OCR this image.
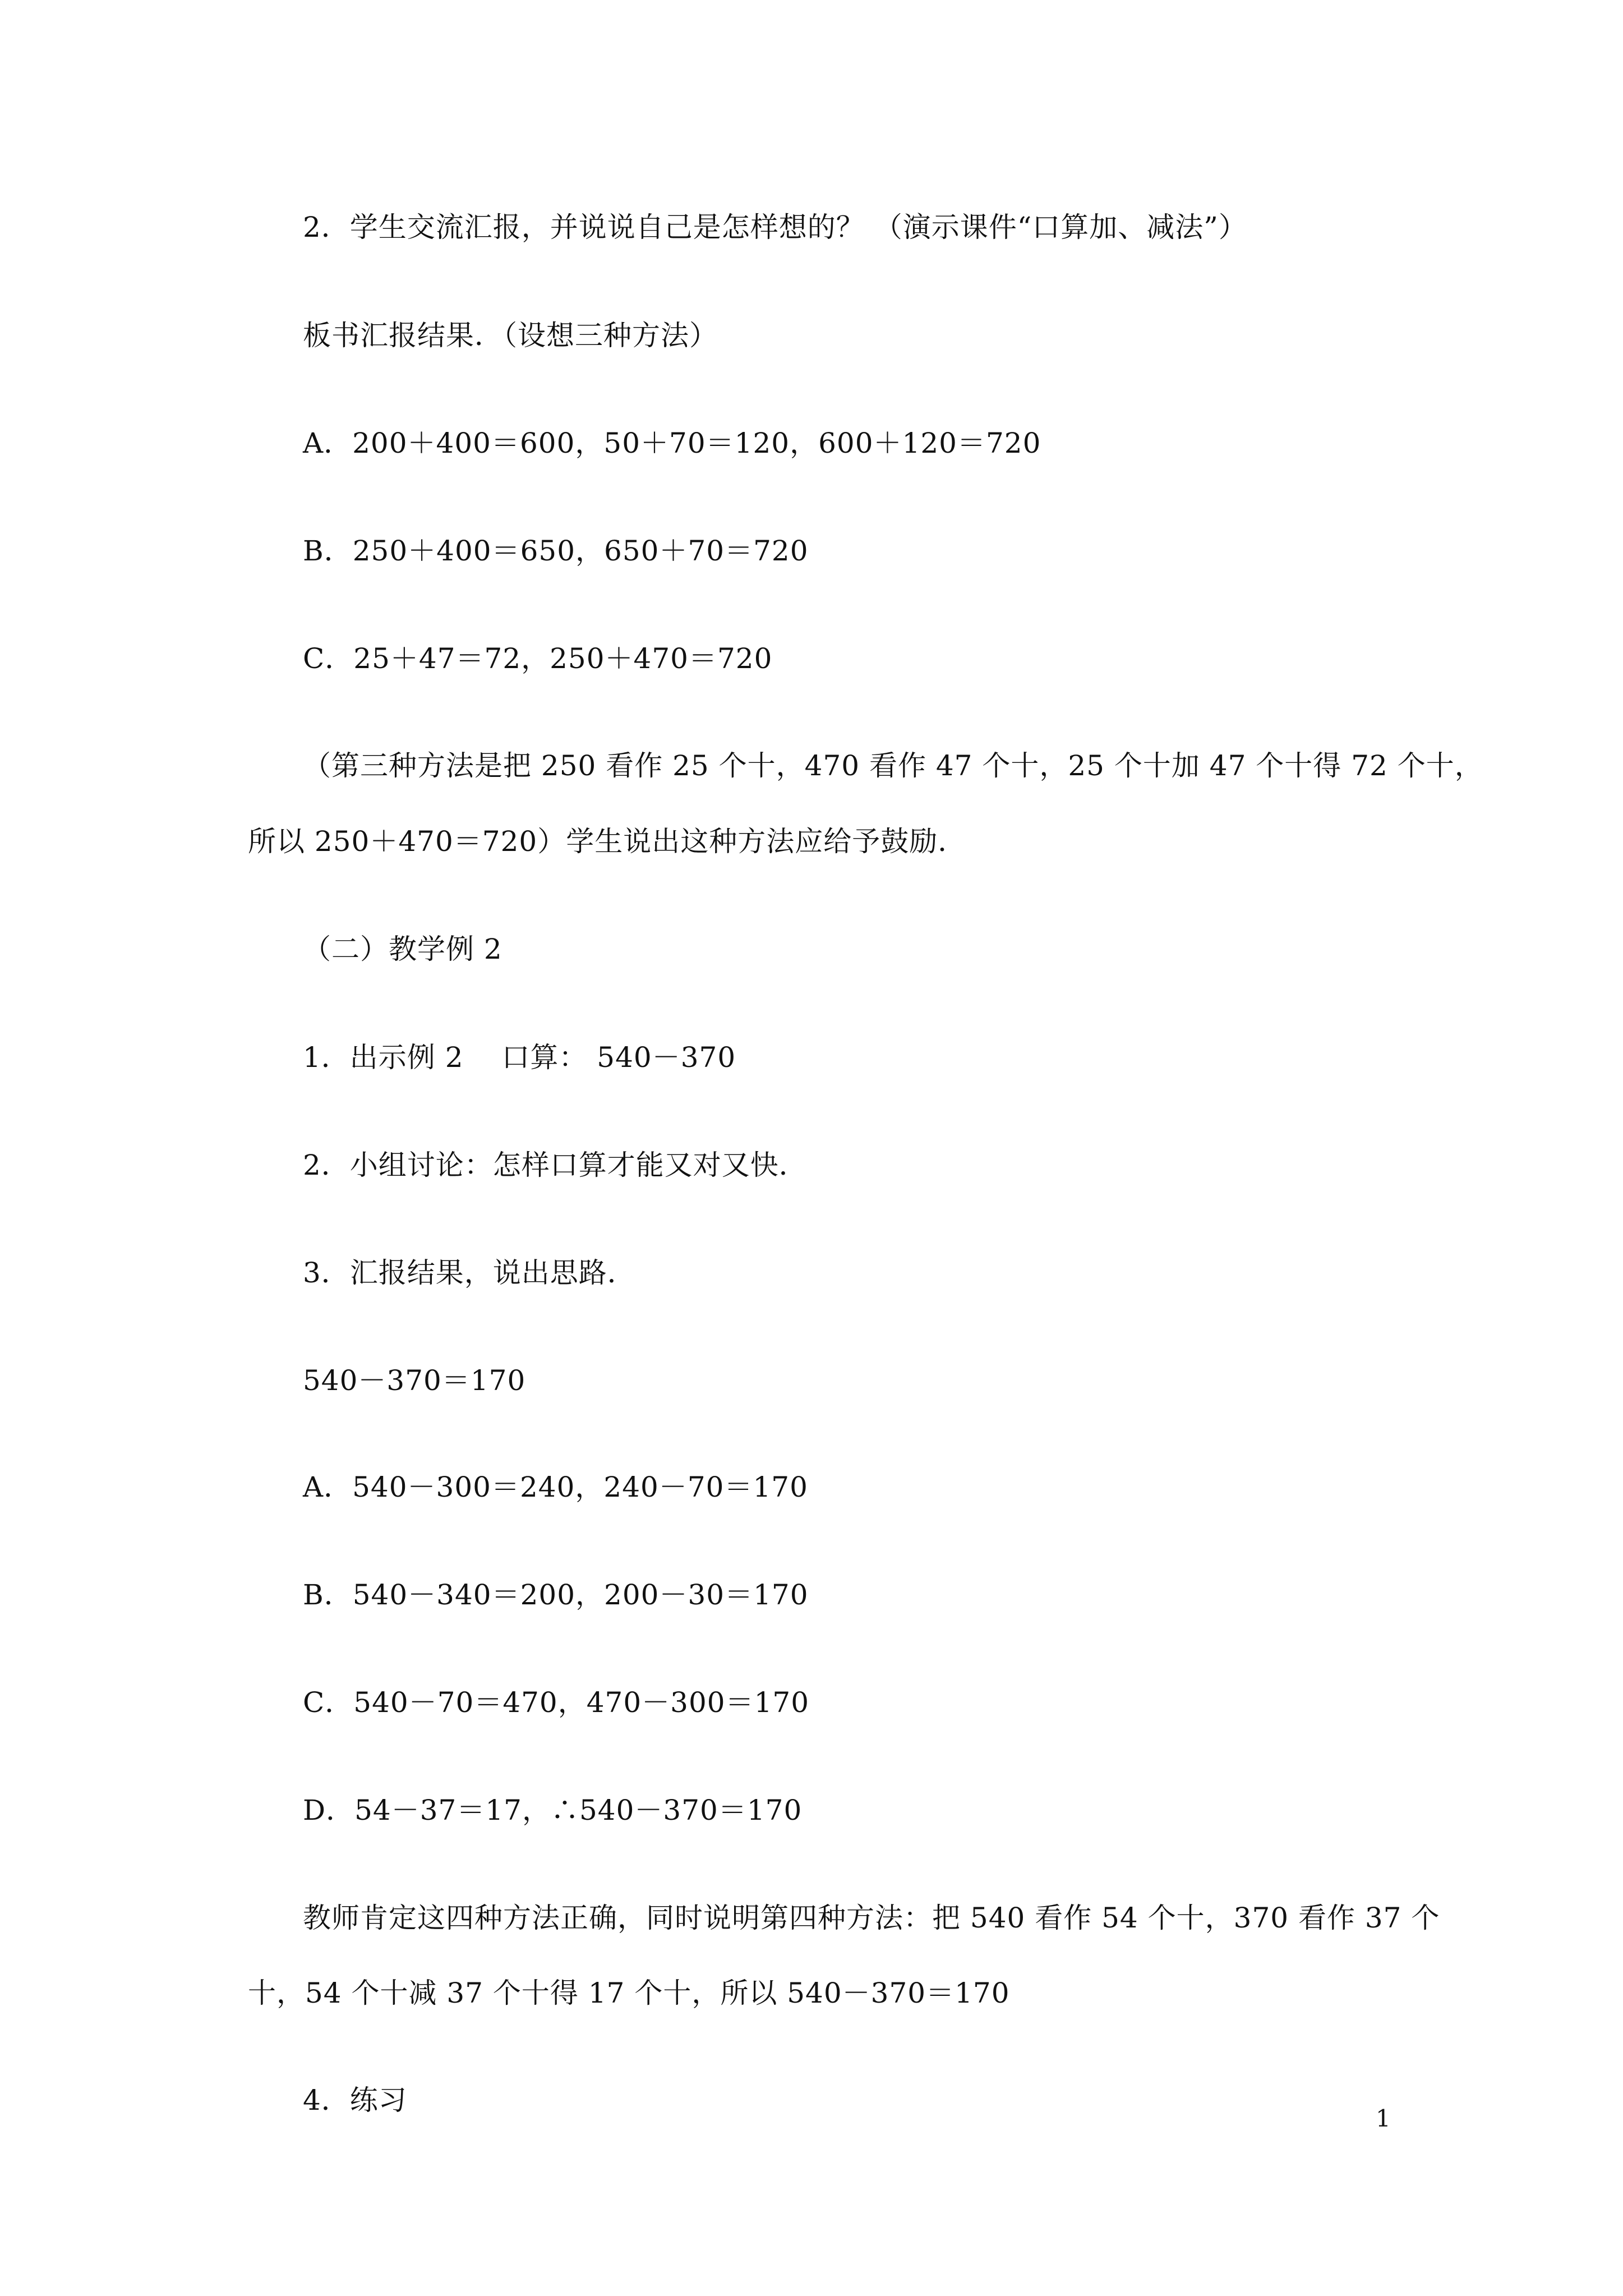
2．学生交流汇报，并说说自己是怎样想的？ （演示课件“口算加、减法”）
板书汇报结果．（设想三种方法）
A．200＋400＝600，50＋70＝120，600＋120＝720
B．250＋400＝650，650＋70＝720
C．25＋47＝72，250＋470＝720
（第三种方法是把 250 看作 25 个十，470 看作 47 个十，25 个十加 47 个十得 72 个十，
所以 250＋470＝720）学生说出这种方法应给予鼓励．
（二）教学例 2
1．出示例 2　 口算： 540－370
2．小组讨论：怎样口算才能又对又快．
3．汇报结果，说出思路．
540－370＝170
A．540－300＝240，240－70＝170
B．540－340＝200，200－30＝170
C．540－70＝470，470－300＝170
D．54－37＝17，∴540－370＝170
教师肯定这四种方法正确，同时说明第四种方法：把 540 看作 54 个十，370 看作 37 个
十，54 个十减 37 个十得 17 个十，所以 540－370＝170
4．练习
1
